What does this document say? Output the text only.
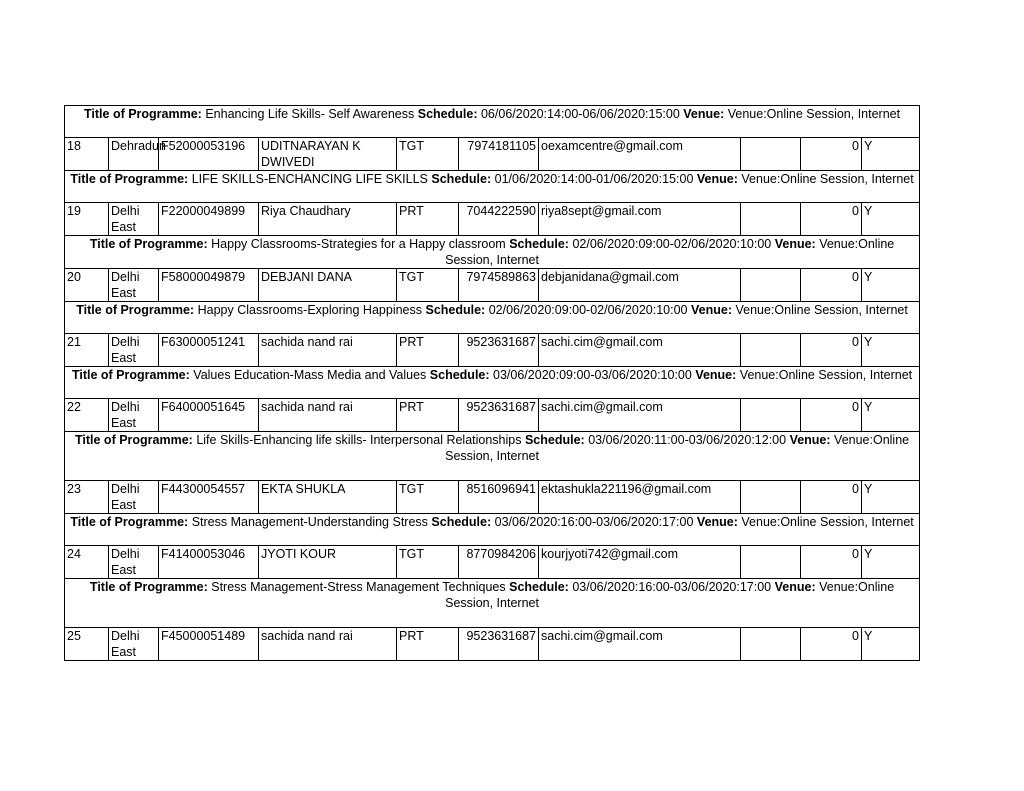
Title of Programme: Enhancing Life Skills- Self Awareness Schedule: 06/06/2020:14:00-06/06/2020:15:00 Venue: Venue:Online Session, Internet									
18	Dehradun	F52000053196	UDITNARAYAN K DWIVEDI	TGT	7974181105	oexamcentre@gmail.com		0	Y
Title of Programme: LIFE SKILLS-ENCHANCING LIFE SKILLS Schedule: 01/06/2020:14:00-01/06/2020:15:00 Venue: Venue:Online Session, Internet									
19	Delhi East	F22000049899	Riya Chaudhary	PRT	7044222590	riya8sept@gmail.com		0	Y
Title of Programme: Happy Classrooms-Strategies for a Happy classroom Schedule: 02/06/2020:09:00-02/06/2020:10:00 Venue: Venue:Online Session, Internet									
20	Delhi East	F58000049879	DEBJANI DANA	TGT	7974589863	debjanidana@gmail.com		0	Y
Title of Programme: Happy Classrooms-Exploring Happiness Schedule: 02/06/2020:09:00-02/06/2020:10:00 Venue: Venue:Online Session, Internet									
21	Delhi East	F63000051241	sachida nand rai	PRT	9523631687	sachi.cim@gmail.com		0	Y
Title of Programme: Values Education-Mass Media and Values Schedule: 03/06/2020:09:00-03/06/2020:10:00 Venue: Venue:Online Session, Internet									
22	Delhi East	F64000051645	sachida nand rai	PRT	9523631687	sachi.cim@gmail.com		0	Y
Title of Programme: Life Skills-Enhancing life skills- Interpersonal Relationships Schedule: 03/06/2020:11:00-03/06/2020:12:00 Venue: Venue:Online Session, Internet									
23	Delhi East	F44300054557	EKTA SHUKLA	TGT	8516096941	ektashukla221196@gmail.com		0	Y
Title of Programme: Stress Management-Understanding Stress Schedule: 03/06/2020:16:00-03/06/2020:17:00 Venue: Venue:Online Session, Internet									
24	Delhi East	F41400053046	JYOTI KOUR	TGT	8770984206	kourjyoti742@gmail.com		0	Y
Title of Programme: Stress Management-Stress Management Techniques Schedule: 03/06/2020:16:00-03/06/2020:17:00 Venue: Venue:Online Session, Internet									
25	Delhi East	F45000051489	sachida nand rai	PRT	9523631687	sachi.cim@gmail.com		0	Y
